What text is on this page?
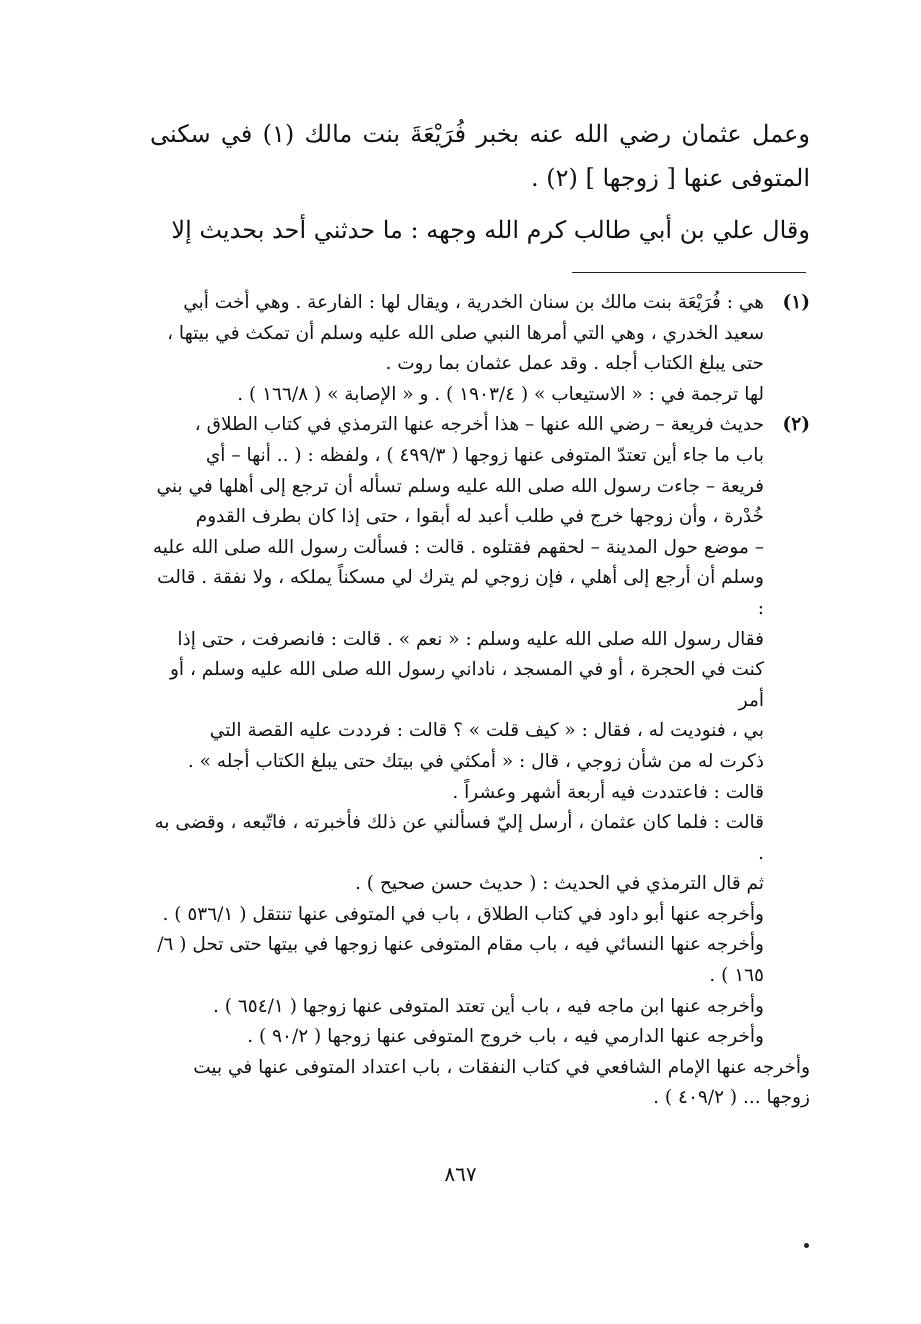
وعمل عثمان رضي الله عنه بخبر فُرَيْعَةَ بنت مالك (١) في سكنى المتوفى عنها [ زوجها ] (٢) .

وقال علي بن أبي طالب كرم الله وجهه : ما حدثني أحد بحديث إلا

(١)
هي : فُرَيْعَة بنت مالك بن سنان الخدرية ، ويقال لها : الفارعة . وهي أخت أبي
سعيد الخدري ، وهي التي أمرها النبي صلى الله عليه وسلم أن تمكث في بيتها ،
حتى يبلغ الكتاب أجله . وقد عمل عثمان بما روت .
لها ترجمة في : « الاستيعاب » ( ١٩٠٣/٤ ) . و « الإصابة » ( ١٦٦/٨ ) .
(٢)
حديث فريعة – رضي الله عنها – هذا أخرجه عنها الترمذي في كتاب الطلاق ،
باب ما جاء أين تعتدّ المتوفى عنها زوجها ( ٤٩٩/٣ ) ، ولفظه : ( .. أنها – أي
فريعة – جاءت رسول الله صلى الله عليه وسلم تسأله أن ترجع إلى أهلها في بني
خُدْرة ، وأن زوجها خرج في طلب أعبد له أبقوا ، حتى إذا كان بطرف القدوم
– موضع حول المدينة – لحقهم فقتلوه . قالت : فسألت رسول الله صلى الله عليه
وسلم أن أرجع إلى أهلي ، فإن زوجي لم يترك لي مسكناً يملكه ، ولا نفقة . قالت :
فقال رسول الله صلى الله عليه وسلم : « نعم » . قالت : فانصرفت ، حتى إذا
كنت في الحجرة ، أو في المسجد ، ناداني رسول الله صلى الله عليه وسلم ، أو أمر
بي ، فنوديت له ، فقال : « كيف قلت » ؟ قالت : فرددت عليه القصة التي
ذكرت له من شأن زوجي ، قال : « أمكثي في بيتك حتى يبلغ الكتاب أجله » .
قالت : فاعتددت فيه أربعة أشهر وعشراً .
قالت : فلما كان عثمان ، أرسل إليّ فسألني عن ذلك فأخبرته ، فاتّبعه ، وقضى به .
ثم قال الترمذي في الحديث : ( حديث حسن صحيح ) .
وأخرجه عنها أبو داود في كتاب الطلاق ، باب في المتوفى عنها تنتقل ( ٥٣٦/١ ) .
وأخرجه عنها النسائي فيه ، باب مقام المتوفى عنها زوجها في بيتها حتى تحل ( ٦/
١٦٥ ) .
وأخرجه عنها ابن ماجه فيه ، باب أين تعتد المتوفى عنها زوجها ( ٦٥٤/١ ) .
وأخرجه عنها الدارمي فيه ، باب خروج المتوفى عنها زوجها ( ٩٠/٢ ) .
وأخرجه عنها الإمام الشافعي في كتاب النفقات ، باب اعتداد المتوفى عنها في بيت
زوجها ... ( ٤٠٩/٢ ) .
٨٦٧
